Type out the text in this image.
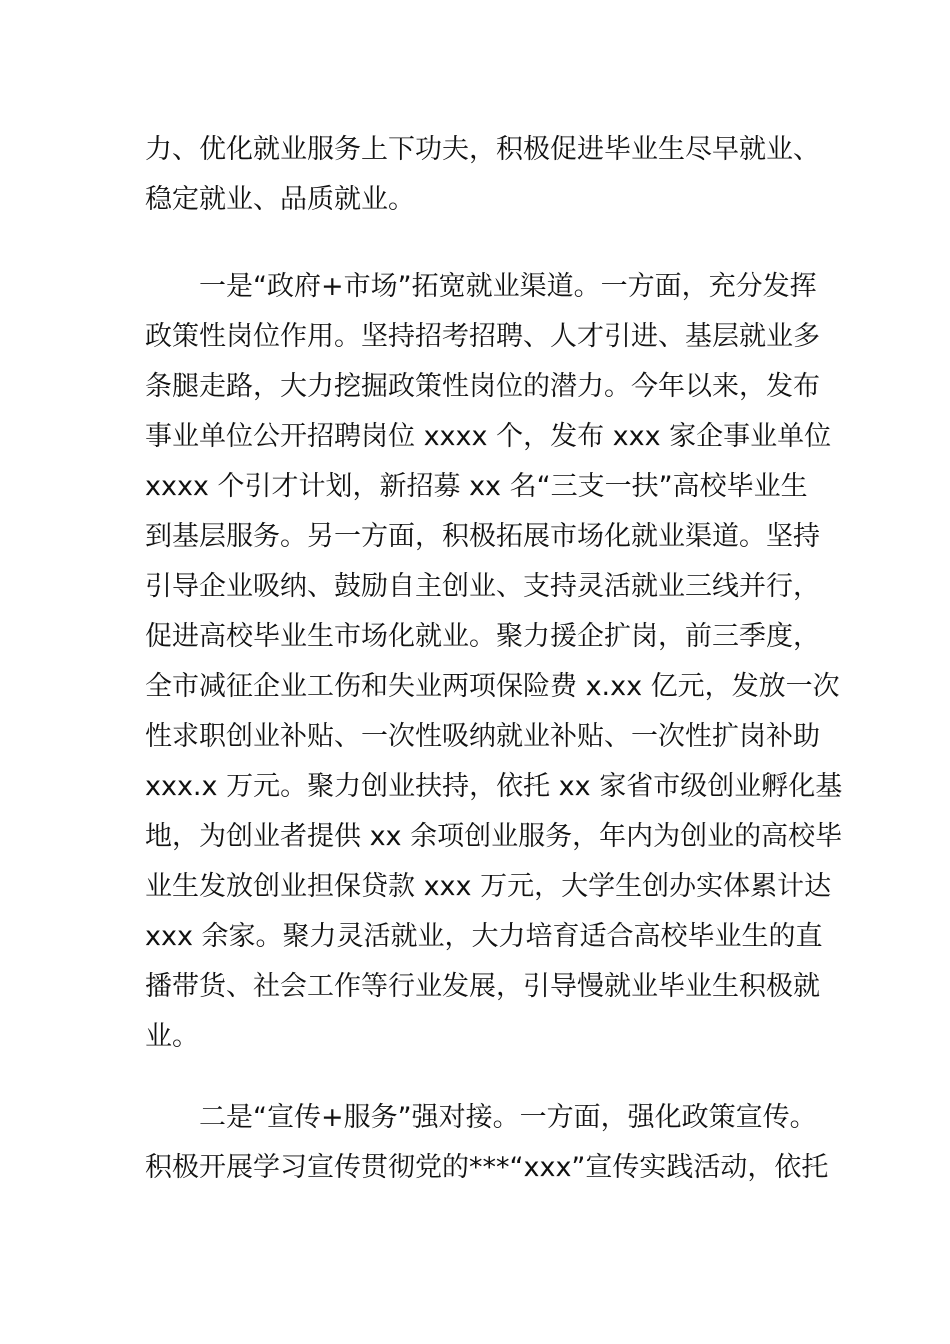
力、优化就业服务上下功夫，积极促进毕业生尽早就业、
稳定就业、品质就业。
　　一是“政府+市场”拓宽就业渠道。一方面，充分发挥
政策性岗位作用。坚持招考招聘、人才引进、基层就业多
条腿走路，大力挖掘政策性岗位的潜力。今年以来，发布
事业单位公开招聘岗位 xxxx 个，发布 xxx 家企事业单位
xxxx 个引才计划，新招募 xx 名“三支一扶”高校毕业生
到基层服务。另一方面，积极拓展市场化就业渠道。坚持
引导企业吸纳、鼓励自主创业、支持灵活就业三线并行，
促进高校毕业生市场化就业。聚力援企扩岗，前三季度，
全市减征企业工伤和失业两项保险费 x.xx 亿元，发放一次
性求职创业补贴、一次性吸纳就业补贴、一次性扩岗补助
xxx.x 万元。聚力创业扶持，依托 xx 家省市级创业孵化基
地，为创业者提供 xx 余项创业服务，年内为创业的高校毕
业生发放创业担保贷款 xxx 万元，大学生创办实体累计达
xxx 余家。聚力灵活就业，大力培育适合高校毕业生的直
播带货、社会工作等行业发展，引导慢就业毕业生积极就
业。
　　二是“宣传+服务”强对接。一方面，强化政策宣传。
积极开展学习宣传贯彻党的***“xxx”宣传实践活动，依托
